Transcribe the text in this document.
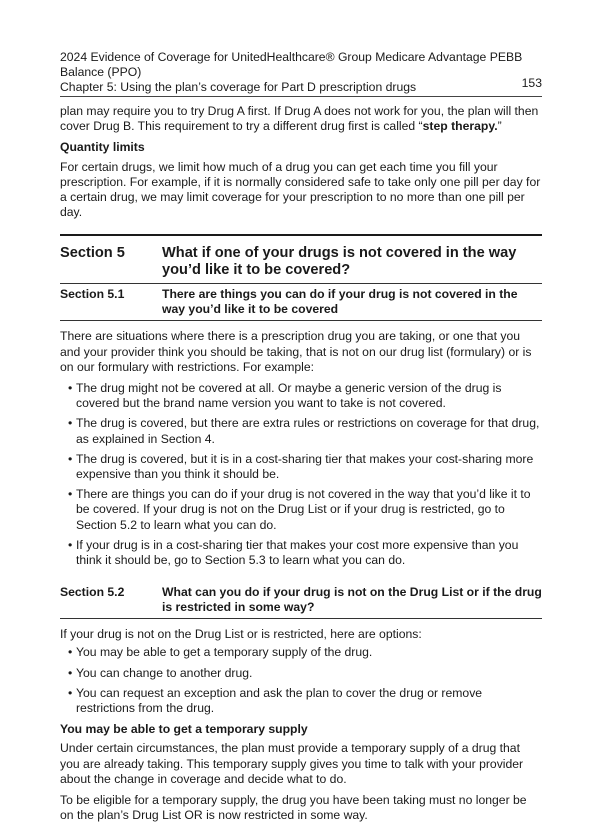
2024 Evidence of Coverage for UnitedHealthcare® Group Medicare Advantage PEBB Balance (PPO)
Chapter 5: Using the plan’s coverage for Part D prescription drugs	153

plan may require you to try Drug A first. If Drug A does not work for you, the plan will then cover Drug B. This requirement to try a different drug first is called “step therapy.”

Quantity limits

For certain drugs, we limit how much of a drug you can get each time you fill your prescription. For example, if it is normally considered safe to take only one pill per day for a certain drug, we may limit coverage for your prescription to no more than one pill per day.

Section 5	What if one of your drugs is not covered in the way you’d like it to be covered?
Section 5.1	There are things you can do if your drug is not covered in the way you’d like it to be covered

There are situations where there is a prescription drug you are taking, or one that you and your provider think you should be taking, that is not on our drug list (formulary) or is on our formulary with restrictions. For example:

• The drug might not be covered at all. Or maybe a generic version of the drug is covered but the brand name version you want to take is not covered.
• The drug is covered, but there are extra rules or restrictions on coverage for that drug, as explained in Section 4.
• The drug is covered, but it is in a cost-sharing tier that makes your cost-sharing more expensive than you think it should be.
• There are things you can do if your drug is not covered in the way that you’d like it to be covered. If your drug is not on the Drug List or if your drug is restricted, go to Section 5.2 to learn what you can do.
• If your drug is in a cost-sharing tier that makes your cost more expensive than you think it should be, go to Section 5.3 to learn what you can do.
Section 5.2	What can you do if your drug is not on the Drug List or if the drug is restricted in some way?

If your drug is not on the Drug List or is restricted, here are options:

• You may be able to get a temporary supply of the drug.
• You can change to another drug.
• You can request an exception and ask the plan to cover the drug or remove restrictions from the drug.
You may be able to get a temporary supply

Under certain circumstances, the plan must provide a temporary supply of a drug that you are already taking. This temporary supply gives you time to talk with your provider about the change in coverage and decide what to do.

To be eligible for a temporary supply, the drug you have been taking must no longer be on the plan’s Drug List OR is now restricted in some way.
